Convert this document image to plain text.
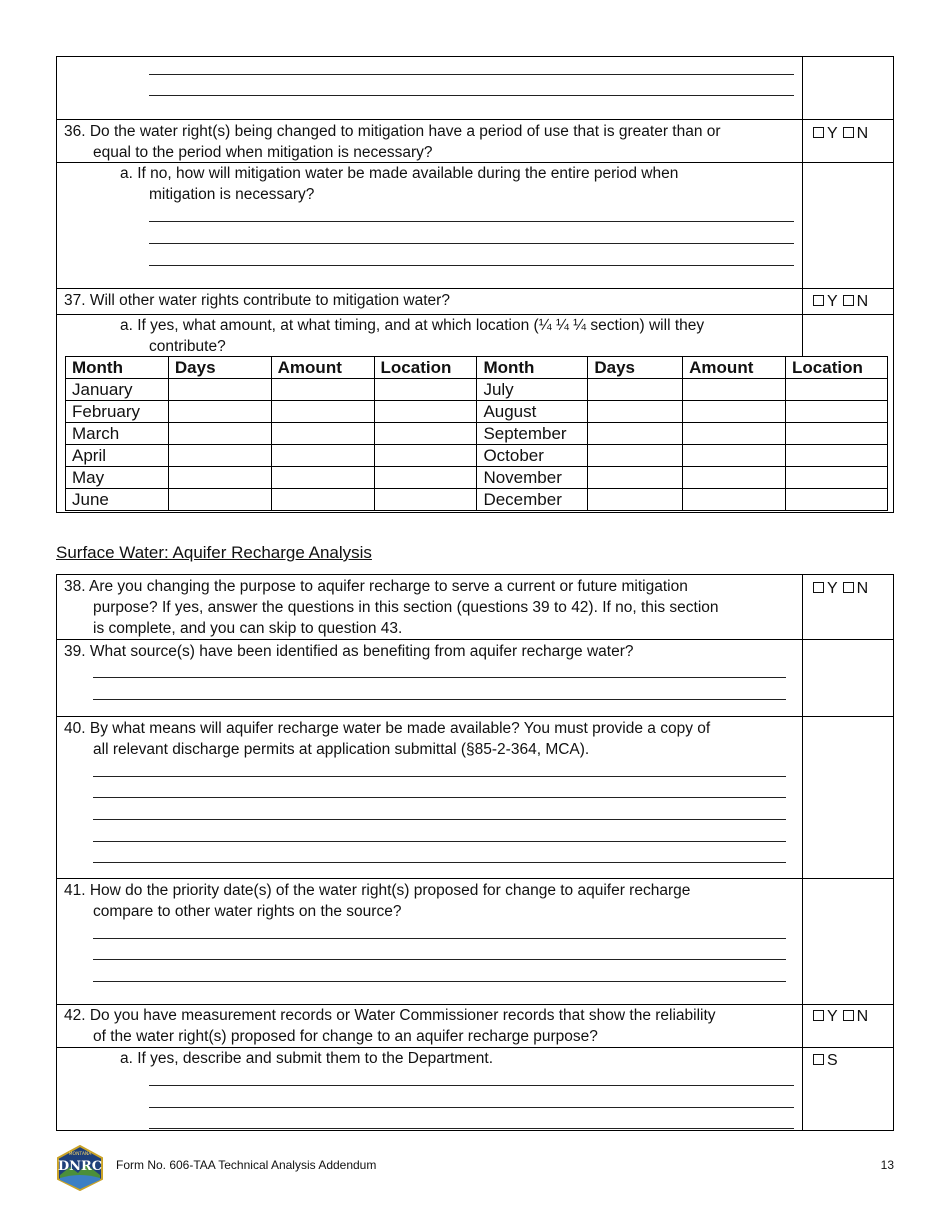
36. Do the water right(s) being changed to mitigation have a period of use that is greater than or
equal to the period when mitigation is necessary?
Y N
a. If no, how will mitigation water be made available during the entire period when
mitigation is necessary?
37. Will other water rights contribute to mitigation water?	Y N
a. If yes, what amount, at what timing, and at which location (¼ ¼ ¼ section) will they
contribute?
Month	Days	Amount	Location	Month	Days	Amount	Location
January				July			
February				August			
March				September			
April				October			
May				November			
June				December			
Surface Water: Aquifer Recharge Analysis
38. Are you changing the purpose to aquifer recharge to serve a current or future mitigation
purpose? If yes, answer the questions in this section (questions 39 to 42). If no, this section
is complete, and you can skip to question 43.
Y N
39. What source(s) have been identified as benefiting from aquifer recharge water?
40. By what means will aquifer recharge water be made available? You must provide a copy of
all relevant discharge permits at application submittal (§85-2-364, MCA).
41. How do the priority date(s) of the water right(s) proposed for change to aquifer recharge
compare to other water rights on the source?
42. Do you have measurement records or Water Commissioner records that show the reliability
of the water right(s) proposed for change to an aquifer recharge purpose?
Y N
a. If yes, describe and submit them to the Department.	S
MONTANA
DNRC Form No. 606-TAA Technical Analysis Addendum	13
